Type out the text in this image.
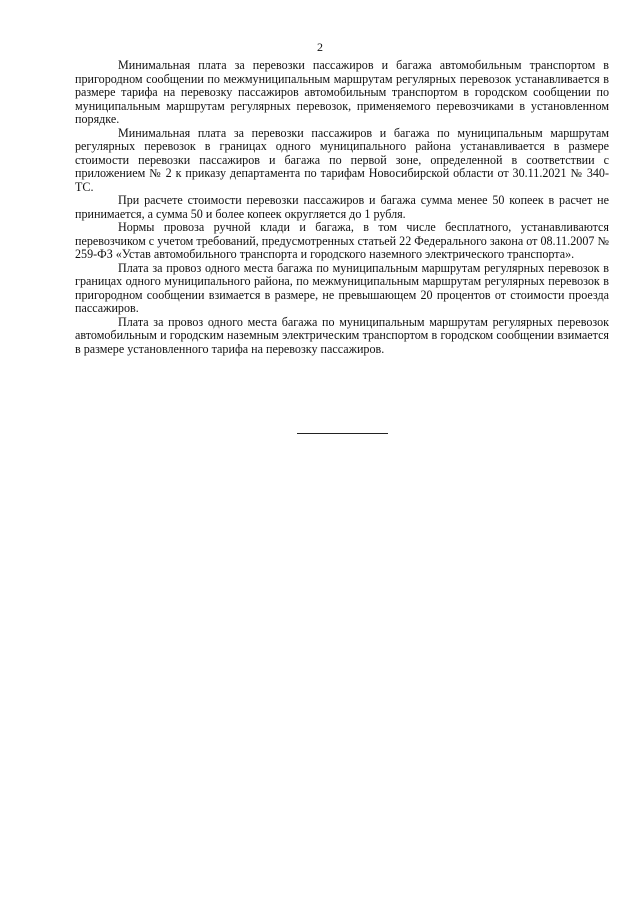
2

Минимальная плата за перевозки пассажиров и багажа автомобильным транспортом в пригородном сообщении по межмуниципальным маршрутам регулярных перевозок устанавливается в размере тарифа на перевозку пассажиров автомобильным транспортом в городском сообщении по муниципальным маршрутам регулярных перевозок, применяемого перевозчиками в установленном порядке.

Минимальная плата за перевозки пассажиров и багажа по муниципальным маршрутам регулярных перевозок в границах одного муниципального района устанавливается в размере стоимости перевозки пассажиров и багажа по первой зоне, определенной в соответствии с приложением № 2 к приказу департамента по тарифам Новосибирской области от 30.11.2021 № 340-ТС.

При расчете стоимости перевозки пассажиров и багажа сумма менее 50 копеек в расчет не принимается, а сумма 50 и более копеек округляется до 1 рубля.

Нормы провоза ручной клади и багажа, в том числе бесплатного, устанавливаются перевозчиком с учетом требований, предусмотренных статьей 22 Федерального закона от 08.11.2007 № 259-ФЗ «Устав автомобильного транспорта и городского наземного электрического транспорта».

Плата за провоз одного места багажа по муниципальным маршрутам регулярных перевозок в границах одного муниципального района, по межмуниципальным маршрутам регулярных перевозок в пригородном сообщении взимается в размере, не превышающем 20 процентов от стоимости проезда пассажиров.

Плата за провоз одного места багажа по муниципальным маршрутам регулярных перевозок автомобильным и городским наземным электрическим транспортом в городском сообщении взимается в размере установленного тарифа на перевозку пассажиров.
